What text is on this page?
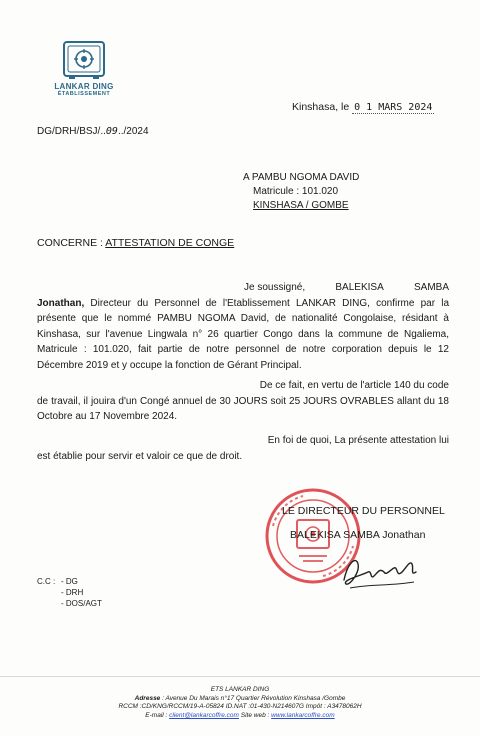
LANKAR DING
ÉTABLISSEMENT
Kinshasa, le 0 1 MARS 2024
DG/DRH/BSJ/..09../2024
A PAMBU NGOMA DAVID
Matricule : 101.020
KINSHASA / GOMBE
CONCERNE : ATTESTATION DE CONGE
Je soussigné,	BALEKISA	SAMBA
Jonathan, Directeur du Personnel de l'Etablissement LANKAR DING, confirme par la présente que le nommé PAMBU NGOMA David, de nationalité Congolaise, résidant à Kinshasa, sur l'avenue Lingwala n° 26 quartier Congo dans la commune de Ngaliema, Matricule : 101.020, fait partie de notre personnel de notre corporation depuis le 12 Décembre 2019 et y occupe la fonction de Gérant Principal.
De ce fait, en vertu de l'article 140 du code
de travail, il jouira d'un Congé annuel de 30 JOURS soit 25 JOURS OVRABLES allant du 18 Octobre au 17 Novembre 2024.
En foi de quoi, La présente attestation lui
est établie pour servir et valoir ce que de droit.
LE DIRECTEUR DU PERSONNEL
BALEKISA SAMBA Jonathan
C.C : - DG
- DRH
- DOS/AGT
ETS LANKAR DING
Adresse : Avenue Du Marais n°17 Quartier Révolution Kinshasa /Gombe
RCCM :CD/KNG/RCCM/19-A-05824 ID.NAT :01-430-N214607G Impôt : A3478062H
E-mail : client@lankarcoffre.com Site web : www.lankarcoffre.com
